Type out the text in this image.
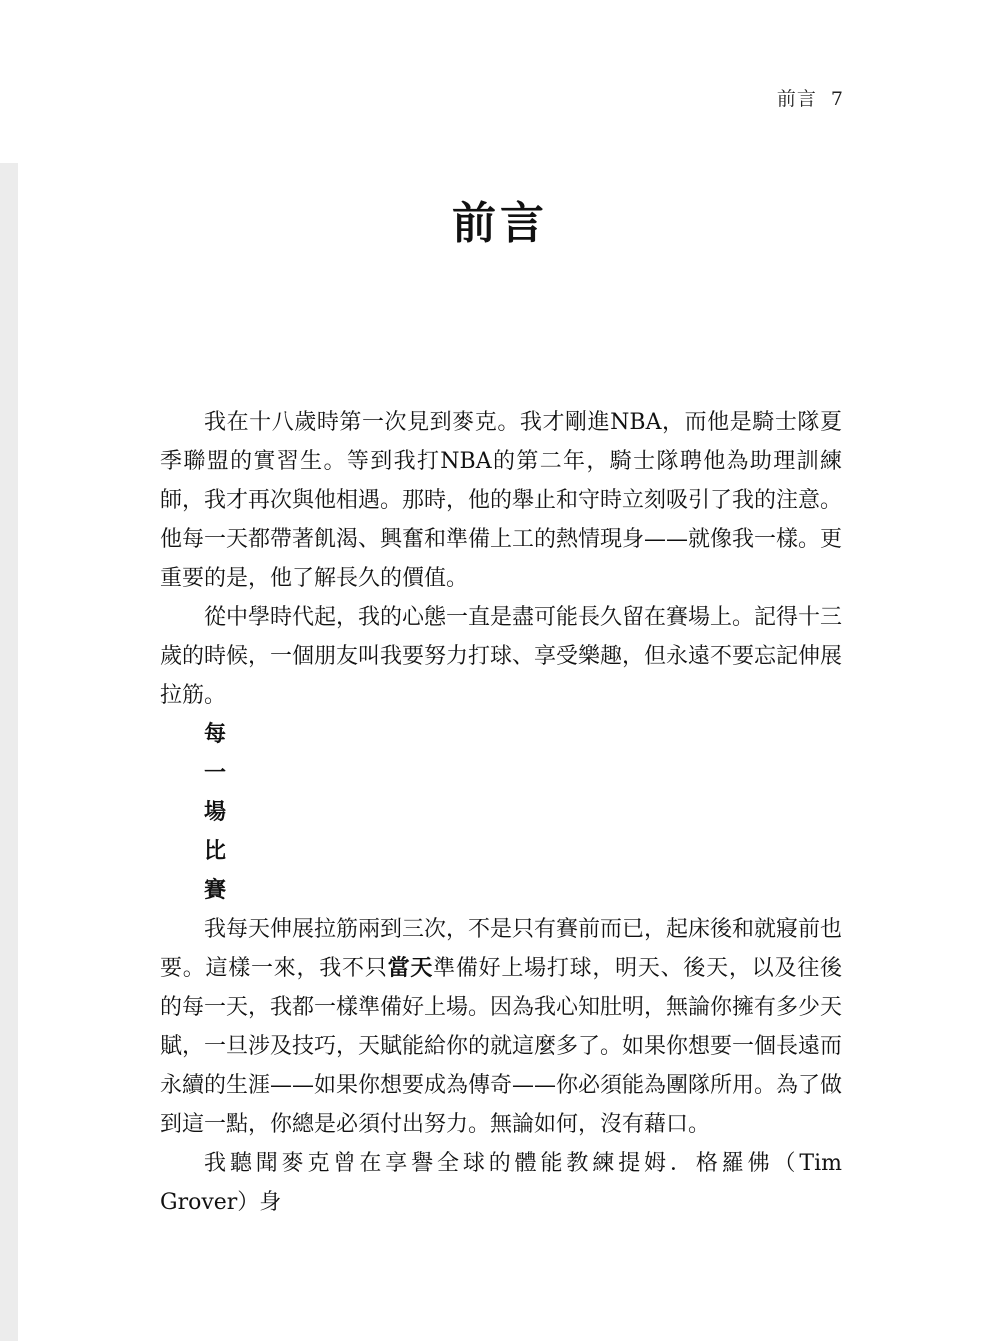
前言 7
前言

我在十八歲時第一次見到麥克。我才剛進NBA，而他是騎士隊夏季聯盟的實習生。等到我打NBA的第二年，騎士隊聘他為助理訓練師，我才再次與他相遇。那時，他的舉止和守時立刻吸引了我的注意。他每一天都帶著飢渴、興奮和準備上工的熱情現身——就像我一樣。更重要的是，他了解長久的價值。

從中學時代起，我的心態一直是盡可能長久留在賽場上。記得十三歲的時候，一個朋友叫我要努力打球、享受樂趣，但永遠不要忘記伸展拉筋。

每
一
場
比
賽

我每天伸展拉筋兩到三次，不是只有賽前而已，起床後和就寢前也要。這樣一來，我不只當天準備好上場打球，明天、後天，以及往後的每一天，我都一樣準備好上場。因為我心知肚明，無論你擁有多少天賦，一旦涉及技巧，天賦能給你的就這麼多了。如果你想要一個長遠而永續的生涯——如果你想要成為傳奇——你必須能為團隊所用。為了做到這一點，你總是必須付出努力。無論如何，沒有藉口。

我聽聞麥克曾在享譽全球的體能教練提姆．格羅佛（Tim Grover）身
